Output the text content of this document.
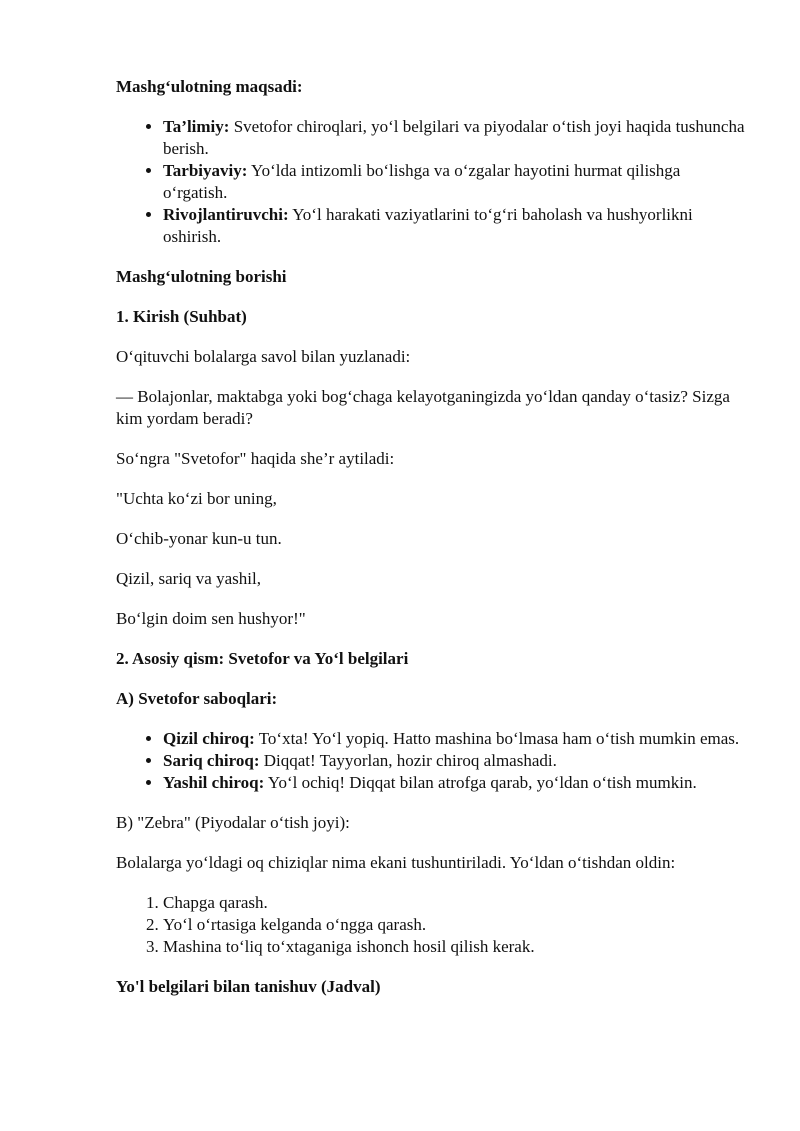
Mashg‘ulotning maqsadi:

• Ta’limiy: Svetofor chiroqlari, yo‘l belgilari va piyodalar o‘tish joyi haqida tushuncha berish.
• Tarbiyaviy: Yo‘lda intizomli bo‘lishga va o‘zgalar hayotini hurmat qilishga o‘rgatish.
• Rivojlantiruvchi: Yo‘l harakati vaziyatlarini to‘g‘ri baholash va hushyorlikni oshirish.

Mashg‘ulotning borishi

1. Kirish (Suhbat)

O‘qituvchi bolalarga savol bilan yuzlanadi:

— Bolajonlar, maktabga yoki bog‘chaga kelayotganingizda yo‘ldan qanday o‘tasiz? Sizga kim yordam beradi?

So‘ngra "Svetofor" haqida she’r aytiladi:

"Uchta ko‘zi bor uning,

O‘chib-yonar kun-u tun.

Qizil, sariq va yashil,

Bo‘lgin doim sen hushyor!"

2. Asosiy qism: Svetofor va Yo‘l belgilari

A) Svetofor saboqlari:

• Qizil chiroq: To‘xta! Yo‘l yopiq. Hatto mashina bo‘lmasa ham o‘tish mumkin emas.
• Sariq chiroq: Diqqat! Tayyorlan, hozir chiroq almashadi.
• Yashil chiroq: Yo‘l ochiq! Diqqat bilan atrofga qarab, yo‘ldan o‘tish mumkin.

B) "Zebra" (Piyodalar o‘tish joyi):

Bolalarga yo‘ldagi oq chiziqlar nima ekani tushuntiriladi. Yo‘ldan o‘tishdan oldin:

1. Chapga qarash.
2. Yo‘l o‘rtasiga kelganda o‘ngga qarash.
3. Mashina to‘liq to‘xtaganiga ishonch hosil qilish kerak.

Yo'l belgilari bilan tanishuv (Jadval)
